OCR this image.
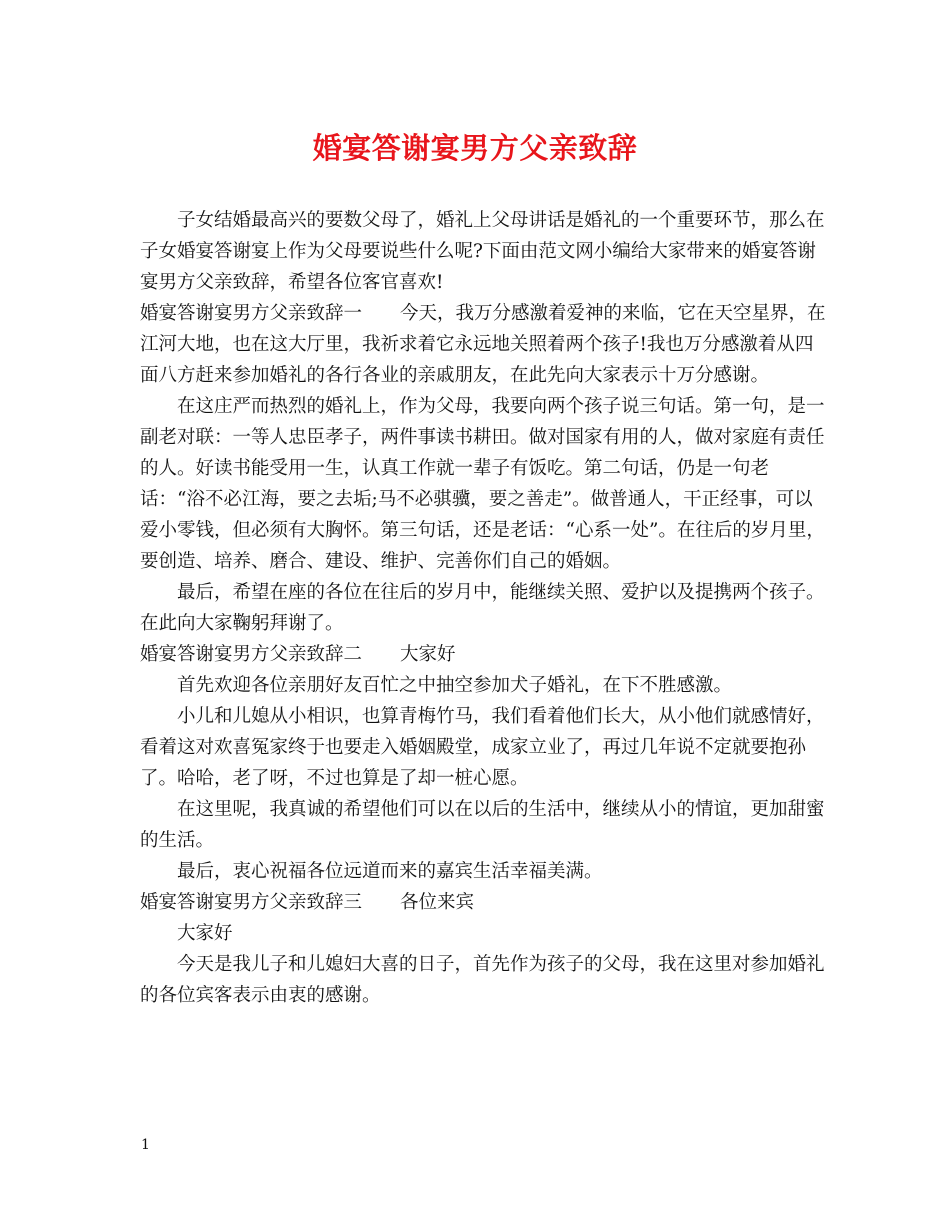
婚宴答谢宴男方父亲致辞

子女结婚最高兴的要数父母了，婚礼上父母讲话是婚礼的一个重要环节，那么在子女婚宴答谢宴上作为父母要说些什么呢?下面由范文网小编给大家带来的婚宴答谢宴男方父亲致辞，希望各位客官喜欢!

婚宴答谢宴男方父亲致辞一 今天，我万分感激着爱神的来临，它在天空星界，在江河大地，也在这大厅里，我祈求着它永远地关照着两个孩子!我也万分感激着从四面八方赶来参加婚礼的各行各业的亲戚朋友，在此先向大家表示十万分感谢。

在这庄严而热烈的婚礼上，作为父母，我要向两个孩子说三句话。第一句，是一副老对联：一等人忠臣孝子，两件事读书耕田。做对国家有用的人，做对家庭有责任的人。好读书能受用一生，认真工作就一辈子有饭吃。第二句话，仍是一句老话：“浴不必江海，要之去垢;马不必骐骥，要之善走”。做普通人，干正经事，可以爱小零钱，但必须有大胸怀。第三句话，还是老话：“心系一处”。在往后的岁月里，要创造、培养、磨合、建设、维护、完善你们自己的婚姻。

最后，希望在座的各位在往后的岁月中，能继续关照、爱护以及提携两个孩子。在此向大家鞠躬拜谢了。

婚宴答谢宴男方父亲致辞二 大家好

首先欢迎各位亲朋好友百忙之中抽空参加犬子婚礼，在下不胜感激。

小儿和儿媳从小相识，也算青梅竹马，我们看着他们长大，从小他们就感情好，看着这对欢喜冤家终于也要走入婚姻殿堂，成家立业了，再过几年说不定就要抱孙了。哈哈，老了呀，不过也算是了却一桩心愿。

在这里呢，我真诚的希望他们可以在以后的生活中，继续从小的情谊，更加甜蜜的生活。

最后，衷心祝福各位远道而来的嘉宾生活幸福美满。

婚宴答谢宴男方父亲致辞三 各位来宾

大家好

今天是我儿子和儿媳妇大喜的日子，首先作为孩子的父母，我在这里对参加婚礼的各位宾客表示由衷的感谢。

1
